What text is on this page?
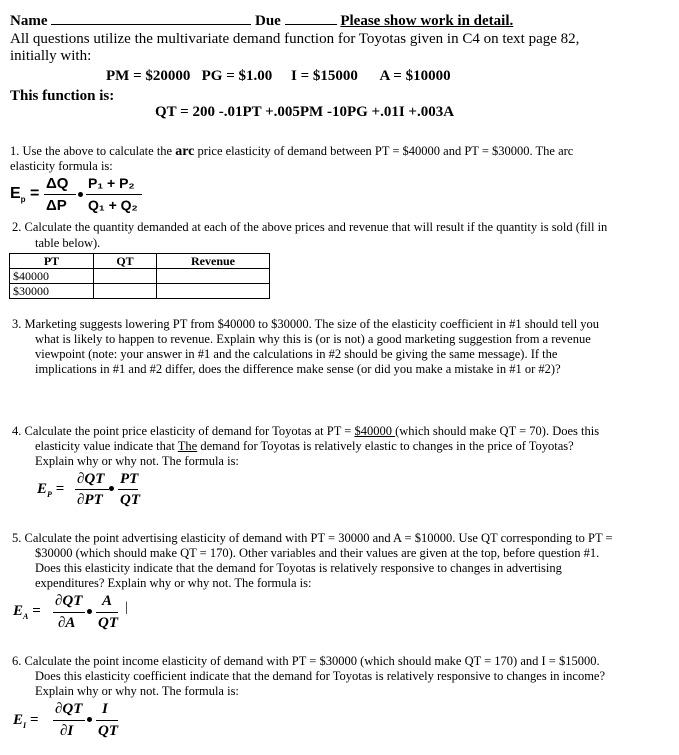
Name	Due	Please show work in detail.
All questions utilize the multivariate demand function for Toyotas given in C4 on text page 82,
initially with:
PM = $20000   PG = $1.00     I = $15000      A = $10000
This function is:
QT = 200 -.01PT +.005PM -10PG +.01I +.003A
1. Use the above to calculate the arc price elasticity of demand between PT = $40000 and PT = $30000. The arc
elasticity formula is:
$E_p$ =
ΔQ
ΔP
P₁ + P₂
Q₁ + Q₂
2. Calculate the quantity demanded at each of the above prices and revenue that will result if the quantity is sold (fill in
table below).
PT	QT	Revenue
$40000		
$30000		
3. Marketing suggests lowering PT from $40000 to $30000. The size of the elasticity coefficient in #1 should tell you
what is likely to happen to revenue. Explain why this is (or is not) a good marketing suggestion from a revenue
viewpoint (note: your answer in #1 and the calculations in #2 should be giving the same message). If the
implications in #1 and #2 differ, does the difference make sense (or did you make a mistake in #1 or #2)?
4. Calculate the point price elasticity of demand for Toyotas at PT = $40000 (which should make QT = 70). Does this
elasticity value indicate that The demand for Toyotas is relatively elastic to changes in the price of Toyotas?
Explain why or why not. The formula is:
$E_P$ =
∂QT
∂PT
PT
QT
5. Calculate the point advertising elasticity of demand with PT = 30000 and A = $10000. Use QT corresponding to PT =
$30000 (which should make QT = 170). Other variables and their values are given at the top, before question #1.
Does this elasticity indicate that the demand for Toyotas is relatively responsive to changes in advertising
expenditures? Explain why or why not. The formula is:
$E_A$ =
∂QT
∂A
A
QT
|
6. Calculate the point income elasticity of demand with PT = $30000 (which should make QT = 170) and I = $15000.
Does this elasticity coefficient indicate that the demand for Toyotas is relatively responsive to changes in income?
Explain why or why not. The formula is:
$E_I$ =
∂QT
∂I
I
QT
